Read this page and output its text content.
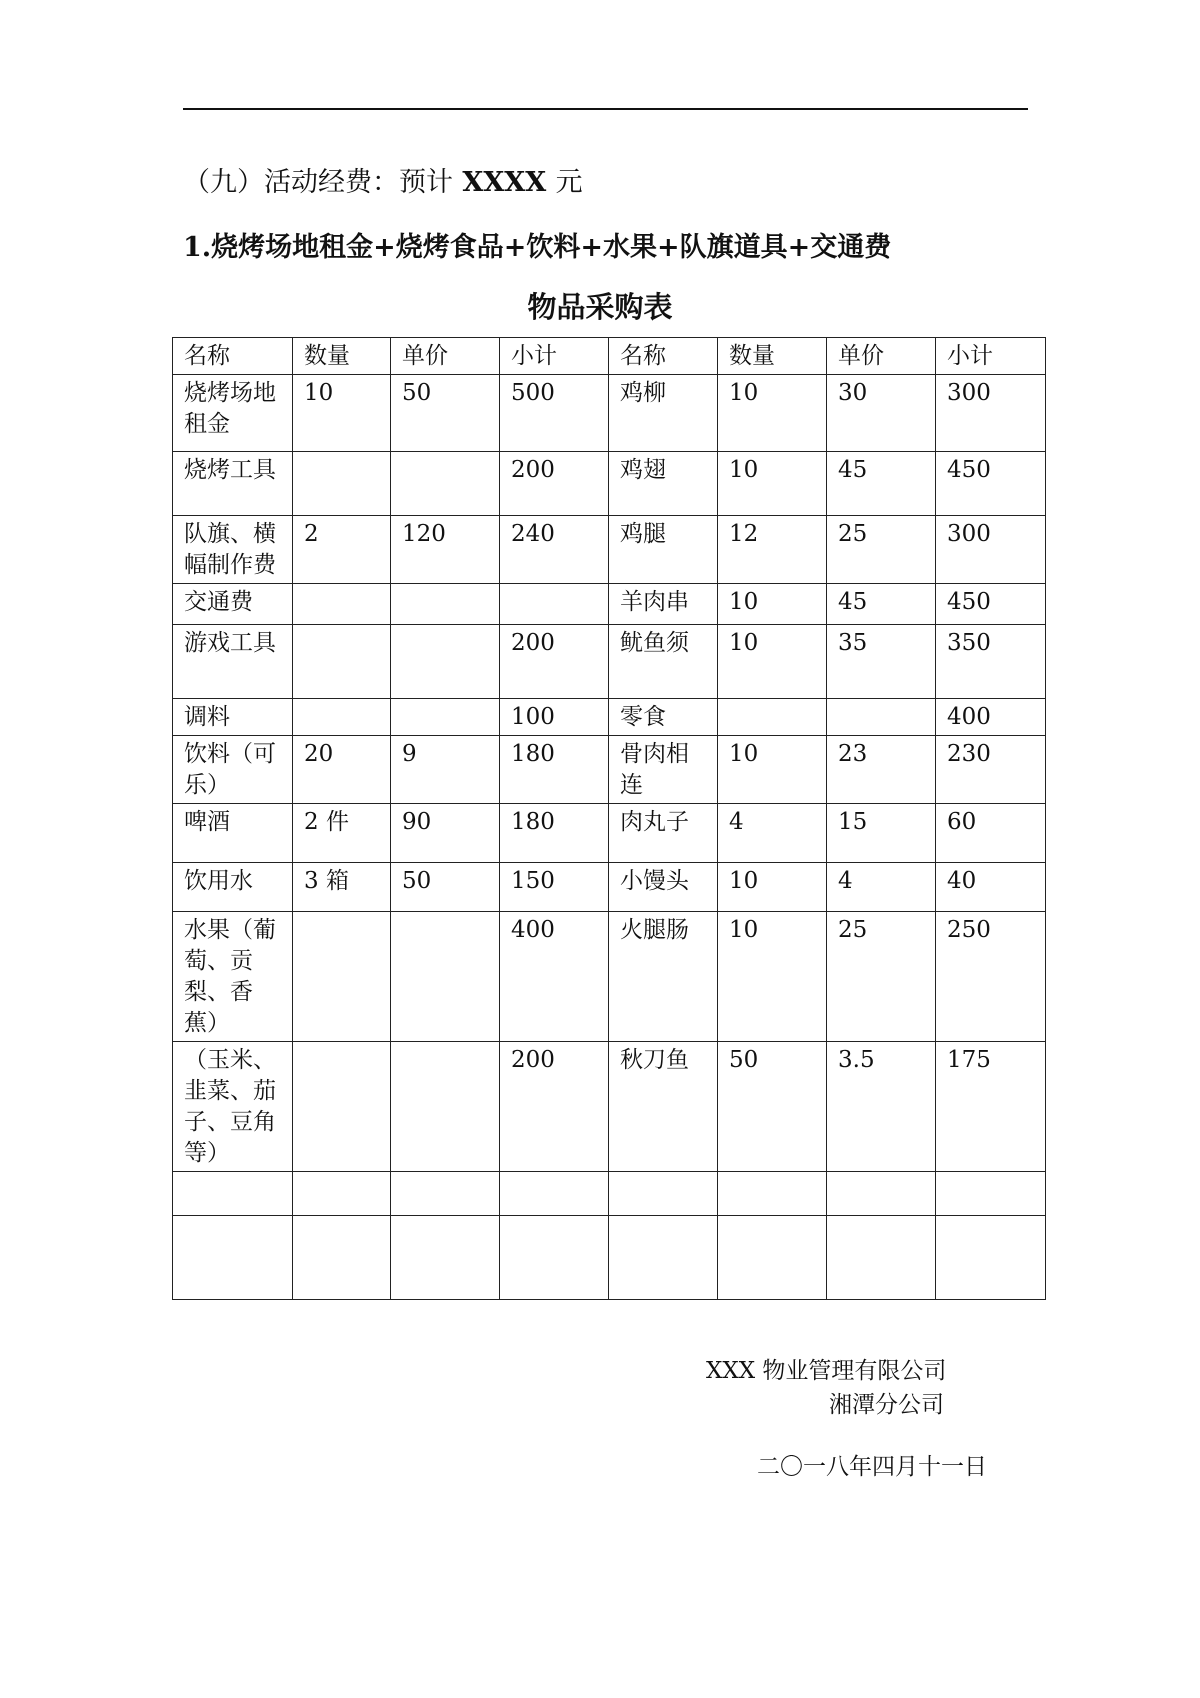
（九）活动经费：预计 XXXX 元
1.烧烤场地租金+烧烤食品+饮料+水果+队旗道具+交通费
物品采购表
名称	数量	单价	小计	名称	数量	单价	小计
烧烤场地租金	10	50	500	鸡柳	10	30	300
烧烤工具			200	鸡翅	10	45	450
队旗、横幅制作费	2	120	240	鸡腿	12	25	300
交通费				羊肉串	10	45	450
游戏工具			200	鱿鱼须	10	35	350
调料			100	零食			400
饮料（可乐）	20	9	180	骨肉相连	10	23	230
啤酒	2 件	90	180	肉丸子	4	15	60
饮用水	3 箱	50	150	小馒头	10	4	40
水果（葡萄、贡梨、香蕉）			400	火腿肠	10	25	250
（玉米、韭菜、茄子、豆角等）			200	秋刀鱼	50	3.5	175

XXX 物业管理有限公司
湘潭分公司
二〇一八年四月十一日
